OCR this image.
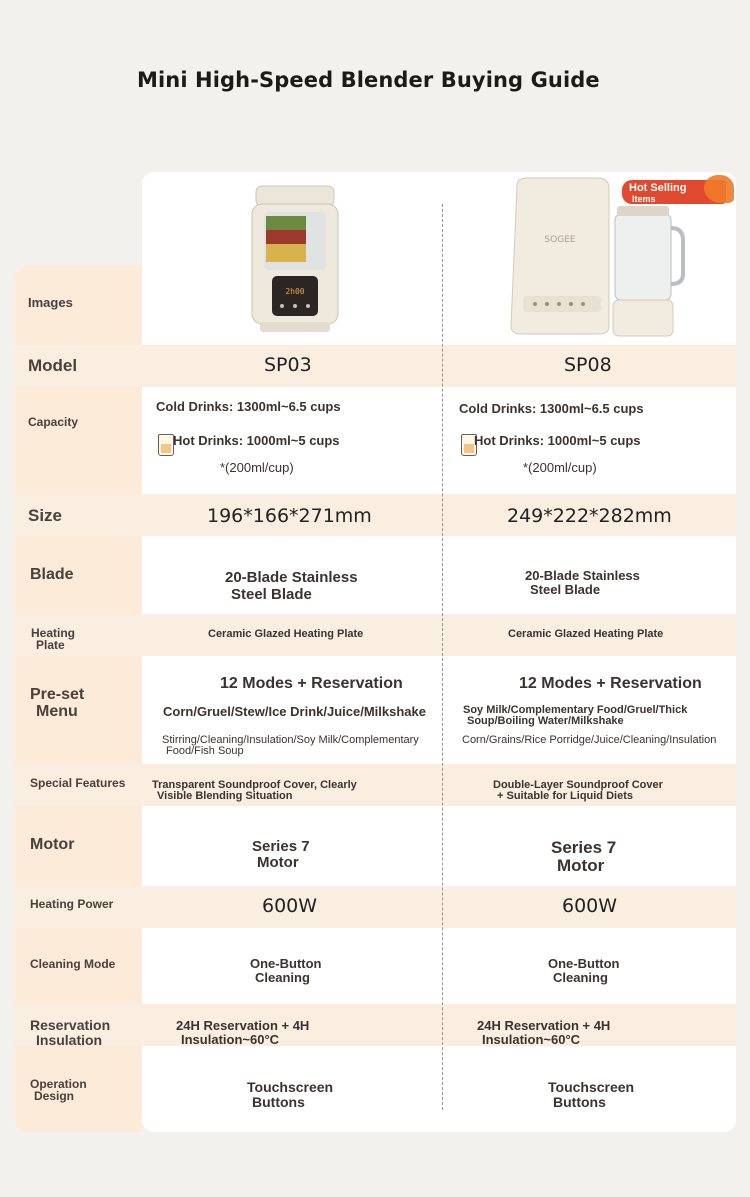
Mini High-Speed Blender Buying Guide
2h00
SOGEE
Hot Selling
Items
Images
Model
Capacity
Size
Blade
Heating
Plate
Pre-set
Menu
Special Features
Motor
Heating Power
Cleaning Mode
Reservation
Insulation
Operation
Design
SP03
Cold Drinks: 1300ml~6.5 cups
Hot Drinks: 1000ml~5 cups
*(200ml/cup)
196*166*271mm
20-Blade Stainless
Steel Blade
Ceramic Glazed Heating Plate
12 Modes + Reservation
Corn/Gruel/Stew/Ice Drink/Juice/Milkshake
Stirring/Cleaning/Insulation/Soy Milk/Complementary
Food/Fish Soup
Transparent Soundproof Cover, Clearly
Visible Blending Situation
Series 7
Motor
600W
One-Button
Cleaning
24H Reservation + 4H
Insulation~60°C
Touchscreen
Buttons
SP08
Cold Drinks: 1300ml~6.5 cups
Hot Drinks: 1000ml~5 cups
*(200ml/cup)
249*222*282mm
20-Blade Stainless
Steel Blade
Ceramic Glazed Heating Plate
12 Modes + Reservation
Soy Milk/Complementary Food/Gruel/Thick
Soup/Boiling Water/Milkshake
Corn/Grains/Rice Porridge/Juice/Cleaning/Insulation
Double-Layer Soundproof Cover
+ Suitable for Liquid Diets
Series 7
Motor
600W
One-Button
Cleaning
24H Reservation + 4H
Insulation~60°C
Touchscreen
Buttons
